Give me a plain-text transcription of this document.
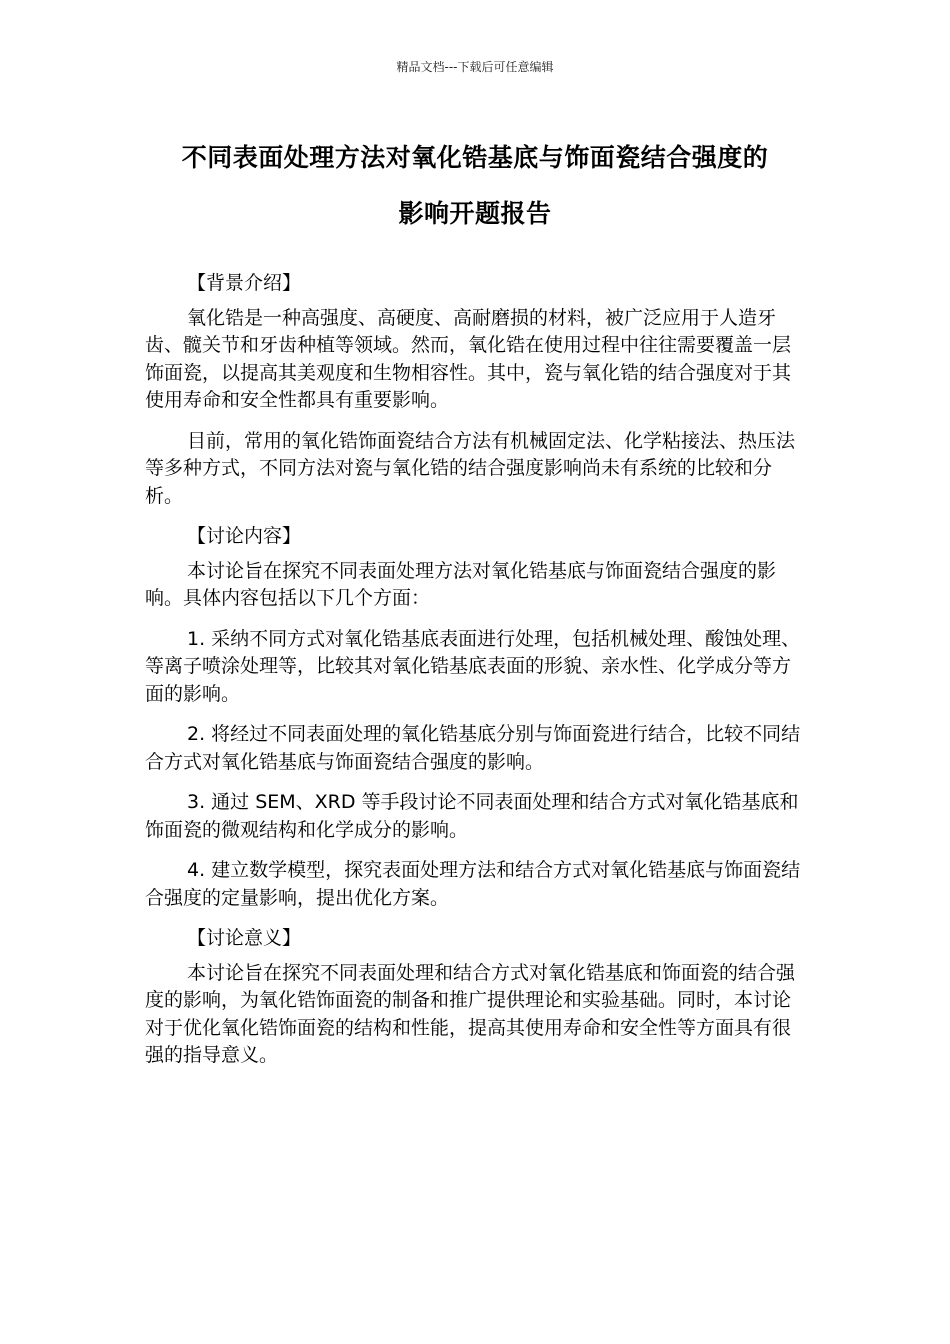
精品文档---下载后可任意编辑
不同表面处理方法对氧化锆基底与饰面瓷结合强度的
影响开题报告

【背景介绍】

氧化锆是一种高强度、高硬度、高耐磨损的材料，被广泛应用于人造牙齿、髋关节和牙齿种植等领域。然而，氧化锆在使用过程中往往需要覆盖一层饰面瓷，以提高其美观度和生物相容性。其中，瓷与氧化锆的结合强度对于其使用寿命和安全性都具有重要影响。

目前，常用的氧化锆饰面瓷结合方法有机械固定法、化学粘接法、热压法等多种方式，不同方法对瓷与氧化锆的结合强度影响尚未有系统的比较和分析。

【讨论内容】

本讨论旨在探究不同表面处理方法对氧化锆基底与饰面瓷结合强度的影响。具体内容包括以下几个方面：

1. 采纳不同方式对氧化锆基底表面进行处理，包括机械处理、酸蚀处理、等离子喷涂处理等，比较其对氧化锆基底表面的形貌、亲水性、化学成分等方面的影响。

2. 将经过不同表面处理的氧化锆基底分别与饰面瓷进行结合，比较不同结合方式对氧化锆基底与饰面瓷结合强度的影响。

3. 通过 SEM、XRD 等手段讨论不同表面处理和结合方式对氧化锆基底和饰面瓷的微观结构和化学成分的影响。

4. 建立数学模型，探究表面处理方法和结合方式对氧化锆基底与饰面瓷结合强度的定量影响，提出优化方案。

【讨论意义】

本讨论旨在探究不同表面处理和结合方式对氧化锆基底和饰面瓷的结合强度的影响，为氧化锆饰面瓷的制备和推广提供理论和实验基础。同时，本讨论对于优化氧化锆饰面瓷的结构和性能，提高其使用寿命和安全性等方面具有很强的指导意义。
